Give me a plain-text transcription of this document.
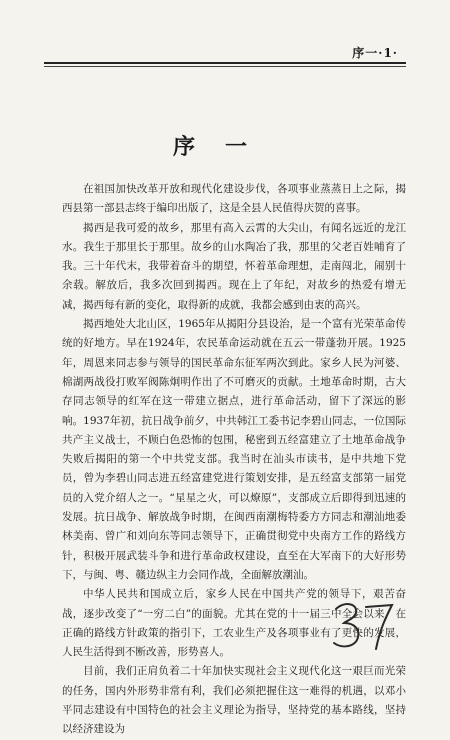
序一·1·
序一

在祖国加快改革开放和现代化建设步伐，各项事业蒸蒸日上之际，揭西县第一部县志终于编印出版了，这是全县人民值得庆贺的喜事。

揭西是我可爱的故乡，那里有高入云霄的大尖山，有闻名远近的龙江水。我生于那里长于那里。故乡的山水陶冶了我，那里的父老百姓哺育了我。三十年代末，我带着奋斗的期望，怀着革命理想，走南闯北，闹别十余载。解放后，我多次回到揭西。现在上了年纪，对故乡的热爱有增无减，揭西每有新的变化，取得新的成就，我都会感到由衷的高兴。

揭西地处大北山区，1965年从揭阳分县设治，是一个富有光荣革命传统的好地方。早在1924年，农民革命运动就在五云一带蓬勃开展。1925年，周恩来同志参与领导的国民革命东征军两次到此。家乡人民为河婆、棉湖两战役打败军阀陈炯明作出了不可磨灭的贡献。土地革命时期，古大存同志领导的红军在这一带建立据点，进行革命活动，留下了深远的影响。1937年初，抗日战争前夕，中共韩江工委书记李碧山同志，一位国际共产主义战士，不顾白色恐怖的包围，秘密到五经富建立了土地革命战争失败后揭阳的第一个中共党支部。我当时在汕头市读书，是中共地下党员，曾为李碧山同志进五经富建党进行策划安排，是五经富支部第一届党员的入党介绍人之一。“星星之火，可以燎原”，支部成立后即得到迅速的发展。抗日战争、解放战争时期，在闽西南潮梅特委方方同志和潮汕地委林美南、曾广和刘向东等同志领导下，正确贯彻党中央南方工作的路线方针，积极开展武装斗争和进行革命政权建设，直至在大军南下的大好形势下，与闽、粤、赣边纵主力会同作战，全面解放潮汕。

中华人民共和国成立后，家乡人民在中国共产党的领导下，艰苦奋战，逐步改变了“一穷二白”的面貌。尤其在党的十一届三中全会以来，在正确的路线方针政策的指引下，工农业生产及各项事业有了更快的发展，人民生活得到不断改善，形势喜人。

目前，我们正肩负着二十年加快实现社会主义现代化这一艰巨而光荣的任务，国内外形势非常有利，我们必须把握住这一难得的机遇，以邓小平同志建设有中国特色的社会主义理论为指导，坚持党的基本路线，坚持以经济建设为
